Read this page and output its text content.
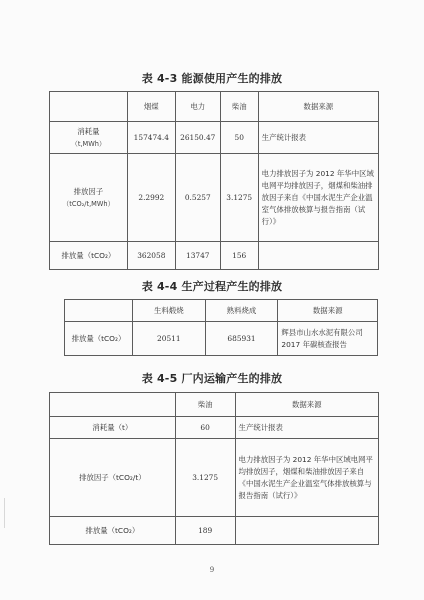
表 4-3 能源使用产生的排放
	烟煤	电力	柴油	数据来源
消耗量
（t,MWh）	157474.4	26150.47	50	生产统计报表
排放因子
（tCO₂/t,MWh）	2.2992	0.5257	3.1275	电力排放因子为 2012 年华中区域电网平均排放因子，烟煤和柴油排放因子来自《中国水泥生产企业温室气体排放核算与报告指南（试行）》
排放量（tCO₂）	362058	13747	156	
表 4-4 生产过程产生的排放
	生料煅烧	熟料烧成	数据来源
排放量（tCO₂）	20511	685931	辉县市山水水泥有限公司 2017 年碳核查报告
表 4-5 厂内运输产生的排放
	柴油	数据来源
消耗量（t）	60	生产统计报表
排放因子（tCO₂/t）	3.1275	电力排放因子为 2012 年华中区域电网平均排放因子，烟煤和柴油排放因子来自《中国水泥生产企业温室气体排放核算与报告指南（试行）》
排放量（tCO₂）	189	
9
